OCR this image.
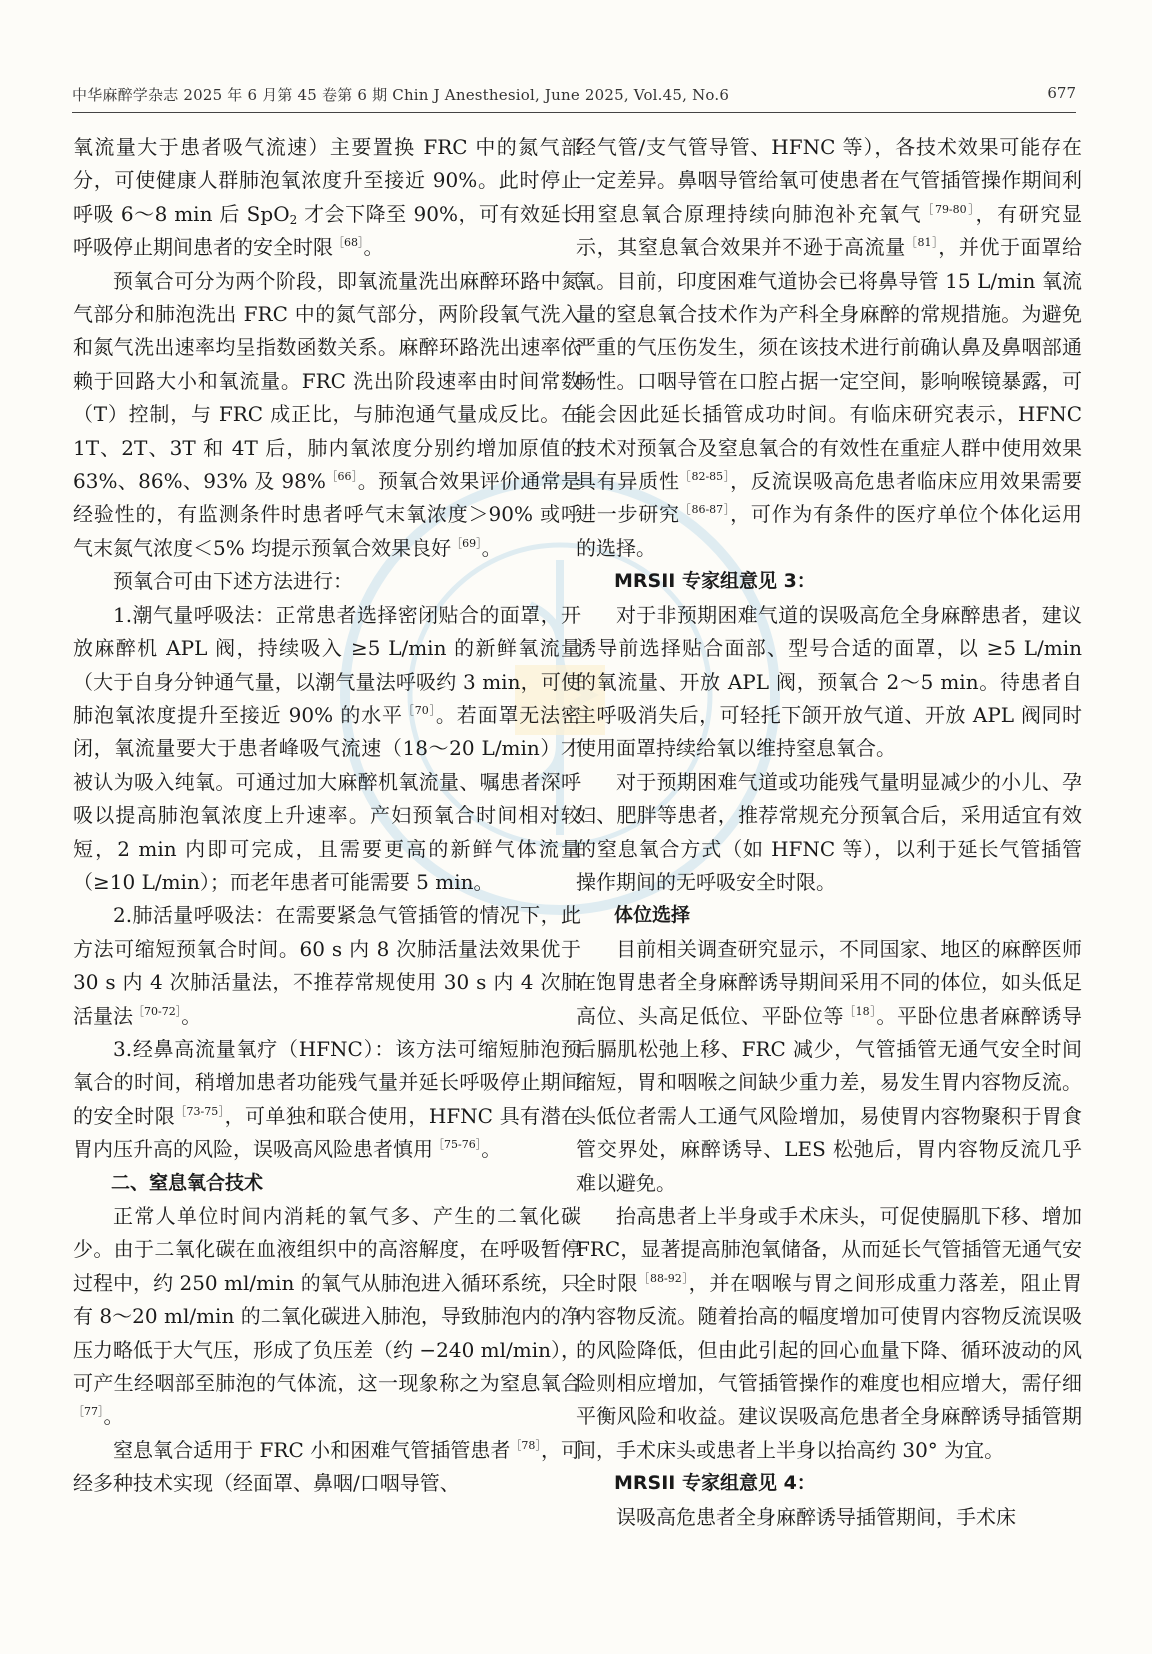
中华麻醉学杂志 2025 年 6 月第 45 卷第 6 期 Chin J Anesthesiol, June 2025, Vol.45, No.6	677

氧流量大于患者吸气流速）主要置换 FRC 中的氮气部分，可使健康人群肺泡氧浓度升至接近 90%。此时停止呼吸 6～8 min 后 SpO$_2$ 才会下降至 90%，可有效延长呼吸停止期间患者的安全时限$^{[68]}$。

预氧合可分为两个阶段，即氧流量洗出麻醉环路中氮气部分和肺泡洗出 FRC 中的氮气部分，两阶段氧气洗入和氮气洗出速率均呈指数函数关系。麻醉环路洗出速率依赖于回路大小和氧流量。FRC 洗出阶段速率由时间常数（T）控制，与 FRC 成正比，与肺泡通气量成反比。在 1T、2T、3T 和 4T 后，肺内氧浓度分别约增加原值的 63%、86%、93% 及 98%$^{[66]}$。预氧合效果评价通常是经验性的，有监测条件时患者呼气末氧浓度＞90% 或呼气末氮气浓度＜5% 均提示预氧合效果良好$^{[69]}$。

预氧合可由下述方法进行：

1.潮气量呼吸法：正常患者选择密闭贴合的面罩，开放麻醉机 APL 阀，持续吸入 ≥5 L/min 的新鲜氧流量（大于自身分钟通气量，以潮气量法呼吸约 3 min，可使肺泡氧浓度提升至接近 90% 的水平$^{[70]}$。若面罩无法密闭，氧流量要大于患者峰吸气流速（18～20 L/min）才被认为吸入纯氧。可通过加大麻醉机氧流量、嘱患者深呼吸以提高肺泡氧浓度上升速率。产妇预氧合时间相对较短，2 min 内即可完成，且需要更高的新鲜气体流量（≥10 L/min）；而老年患者可能需要 5 min。

2.肺活量呼吸法：在需要紧急气管插管的情况下，此方法可缩短预氧合时间。60 s 内 8 次肺活量法效果优于 30 s 内 4 次肺活量法，不推荐常规使用 30 s 内 4 次肺活量法$^{[70-72]}$。

3.经鼻高流量氧疗（HFNC）：该方法可缩短肺泡预氧合的时间，稍增加患者功能残气量并延长呼吸停止期间的安全时限$^{[73-75]}$，可单独和联合使用，HFNC 具有潜在胃内压升高的风险，误吸高风险患者慎用$^{[75-76]}$。

二、窒息氧合技术

正常人单位时间内消耗的氧气多、产生的二氧化碳少。由于二氧化碳在血液组织中的高溶解度，在呼吸暂停过程中，约 250 ml/min 的氧气从肺泡进入循环系统，只有 8～20 ml/min 的二氧化碳进入肺泡，导致肺泡内的净压力略低于大气压，形成了负压差（约 −240 ml/min），可产生经咽部至肺泡的气体流，这一现象称之为窒息氧合$^{[77]}$。

窒息氧合适用于 FRC 小和困难气管插管患者$^{[78]}$，可经多种技术实现（经面罩、鼻咽/口咽导管、

经气管/支气管导管、HFNC 等），各技术效果可能存在一定差异。鼻咽导管给氧可使患者在气管插管操作期间利用窒息氧合原理持续向肺泡补充氧气$^{[79-80]}$，有研究显示，其窒息氧合效果并不逊于高流量$^{[81]}$，并优于面罩给氧。目前，印度困难气道协会已将鼻导管 15 L/min 氧流量的窒息氧合技术作为产科全身麻醉的常规措施。为避免严重的气压伤发生，须在该技术进行前确认鼻及鼻咽部通畅性。口咽导管在口腔占据一定空间，影响喉镜暴露，可能会因此延长插管成功时间。有临床研究表示，HFNC 技术对预氧合及窒息氧合的有效性在重症人群中使用效果具有异质性$^{[82-85]}$，反流误吸高危患者临床应用效果需要进一步研究$^{[86-87]}$，可作为有条件的医疗单位个体化运用的选择。

MRSII 专家组意见 3：

对于非预期困难气道的误吸高危全身麻醉患者，建议诱导前选择贴合面部、型号合适的面罩，以 ≥5 L/min 的氧流量、开放 APL 阀，预氧合 2～5 min。待患者自主呼吸消失后，可轻托下颌开放气道、开放 APL 阀同时使用面罩持续给氧以维持窒息氧合。

对于预期困难气道或功能残气量明显减少的小儿、孕妇、肥胖等患者，推荐常规充分预氧合后，采用适宜有效的窒息氧合方式（如 HFNC 等），以利于延长气管插管操作期间的无呼吸安全时限。

体位选择

目前相关调查研究显示，不同国家、地区的麻醉医师在饱胃患者全身麻醉诱导期间采用不同的体位，如头低足高位、头高足低位、平卧位等$^{[18]}$。平卧位患者麻醉诱导后膈肌松弛上移、FRC 减少，气管插管无通气安全时间缩短，胃和咽喉之间缺少重力差，易发生胃内容物反流。头低位者需人工通气风险增加，易使胃内容物聚积于胃食管交界处，麻醉诱导、LES 松弛后，胃内容物反流几乎难以避免。

抬高患者上半身或手术床头，可促使膈肌下移、增加 FRC，显著提高肺泡氧储备，从而延长气管插管无通气安全时限$^{[88-92]}$，并在咽喉与胃之间形成重力落差，阻止胃内容物反流。随着抬高的幅度增加可使胃内容物反流误吸的风险降低，但由此引起的回心血量下降、循环波动的风险则相应增加，气管插管操作的难度也相应增大，需仔细平衡风险和收益。建议误吸高危患者全身麻醉诱导插管期间，手术床头或患者上半身以抬高约 30° 为宜。

MRSII 专家组意见 4：

误吸高危患者全身麻醉诱导插管期间，手术床
